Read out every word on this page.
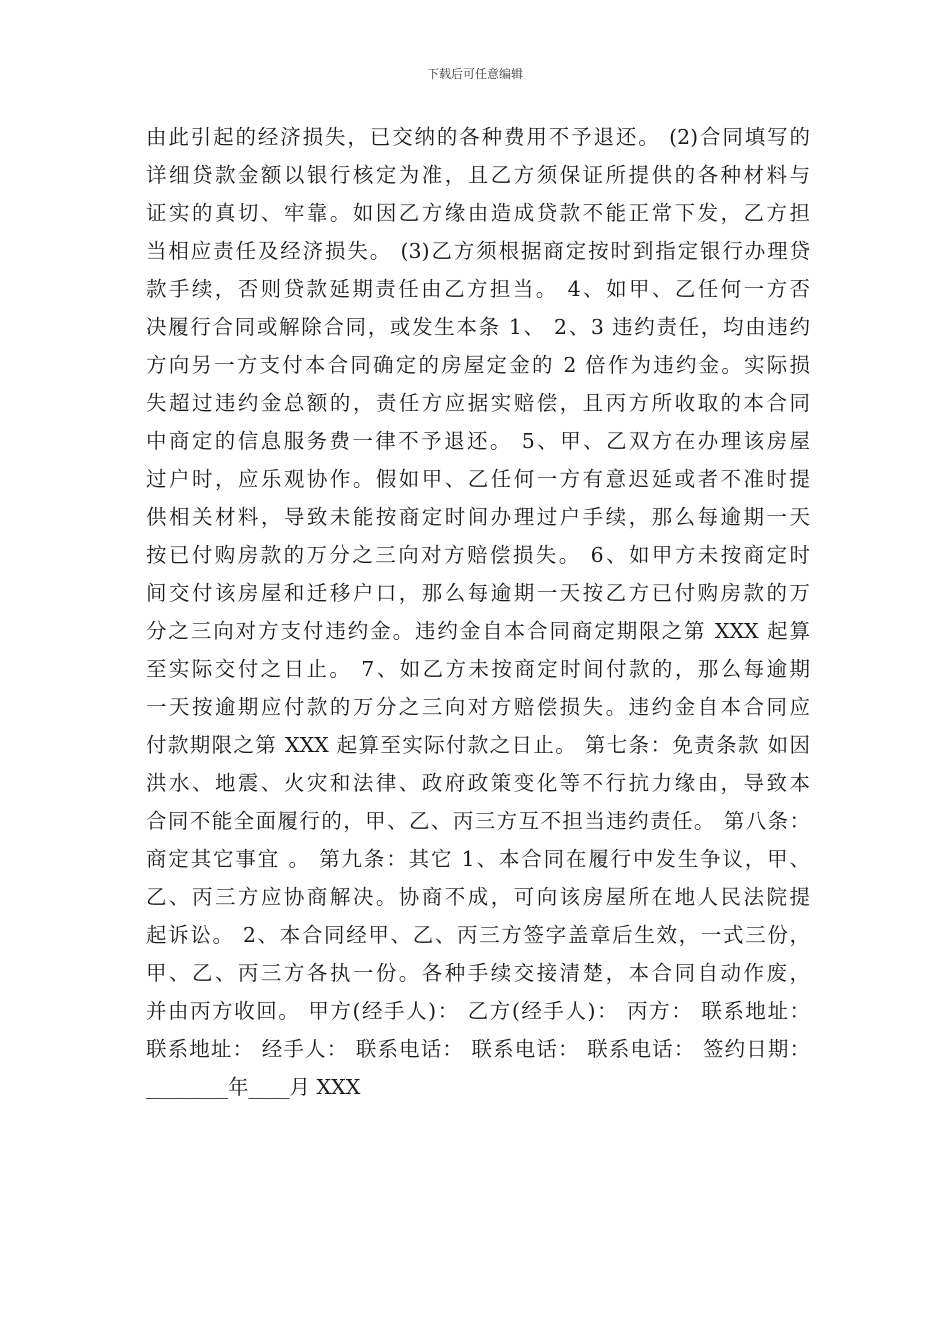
下载后可任意编辑
由此引起的经济损失，已交纳的各种费用不予退还。 (2)合同填写的
详细贷款金额以银行核定为准，且乙方须保证所提供的各种材料与
证实的真切、牢靠。如因乙方缘由造成贷款不能正常下发，乙方担
当相应责任及经济损失。 (3)乙方须根据商定按时到指定银行办理贷
款手续，否则贷款延期责任由乙方担当。 4、如甲、乙任何一方否
决履行合同或解除合同，或发生本条 1、 2、3 违约责任，均由违约
方向另一方支付本合同确定的房屋定金的 2 倍作为违约金。实际损
失超过违约金总额的，责任方应据实赔偿，且丙方所收取的本合同
中商定的信息服务费一律不予退还。 5、甲、乙双方在办理该房屋
过户时，应乐观协作。假如甲、乙任何一方有意迟延或者不准时提
供相关材料，导致未能按商定时间办理过户手续，那么每逾期一天
按已付购房款的万分之三向对方赔偿损失。 6、如甲方未按商定时
间交付该房屋和迁移户口，那么每逾期一天按乙方已付购房款的万
分之三向对方支付违约金。违约金自本合同商定期限之第 XXX 起算
至实际交付之日止。 7、如乙方未按商定时间付款的，那么每逾期
一天按逾期应付款的万分之三向对方赔偿损失。违约金自本合同应
付款期限之第 XXX 起算至实际付款之日止。 第七条：免责条款 如因
洪水、地震、火灾和法律、政府政策变化等不行抗力缘由，导致本
合同不能全面履行的，甲、乙、丙三方互不担当违约责任。 第八条：
商定其它事宜 。 第九条：其它 1、本合同在履行中发生争议，甲、
乙、丙三方应协商解决。协商不成，可向该房屋所在地人民法院提
起诉讼。 2、本合同经甲、乙、丙三方签字盖章后生效，一式三份，
甲、乙、丙三方各执一份。各种手续交接清楚，本合同自动作废，
并由丙方收回。 甲方(经手人)： 乙方(经手人)： 丙方： 联系地址：
联系地址： 经手人： 联系电话： 联系电话： 联系电话： 签约日期：
________年____月 XXX
